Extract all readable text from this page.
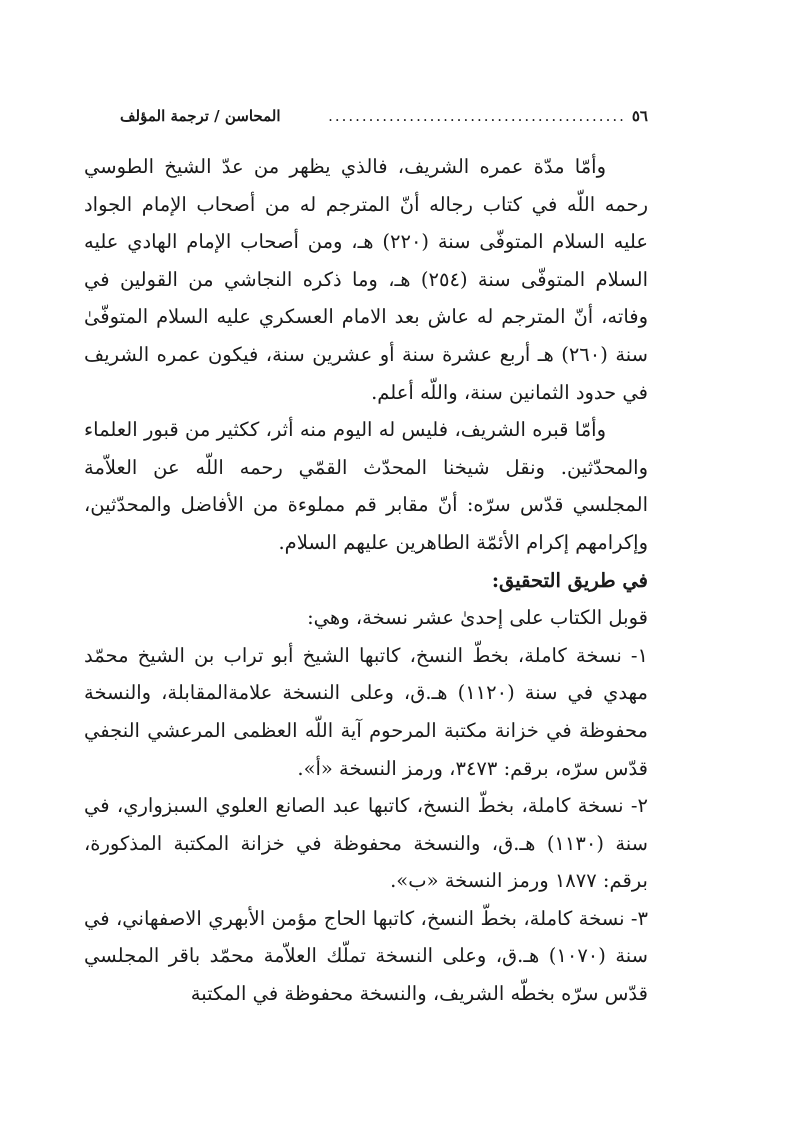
٥٦
............................................
المحاسن / ترجمة المؤلف

وأمّا مدّة عمره الشريف، فالذي يظهر من عدّ الشيخ الطوسي رحمه اللّه في كتاب رجاله أنّ المترجم له من أصحاب الإمام الجواد عليه السلام المتوفّى سنة (٢٢٠) هـ، ومن أصحاب الإمام الهادي عليه السلام المتوفّى سنة (٢٥٤) هـ، وما ذكره النجاشي من القولين في وفاته، أنّ المترجم له عاش بعد الامام العسكري عليه السلام المتوفّىٰ سنة (٢٦٠) هـ أربع عشرة سنة أو عشرين سنة، فيكون عمره الشريف في حدود الثمانين سنة، واللّه أعلم.

وأمّا قبره الشريف، فليس له اليوم منه أثر، ككثير من قبور العلماء والمحدّثين. ونقل شيخنا المحدّث القمّي رحمه اللّه عن العلاّمة المجلسي قدّس سرّه: أنّ مقابر قم مملوءة من الأفاضل والمحدّثين، وإكرامهم إكرام الأئمّة الطاهرين عليهم السلام.

في طريق التحقيق:

قوبل الكتاب على إحدىٰ عشر نسخة، وهي:

١- نسخة كاملة، بخطّ النسخ، كاتبها الشيخ أبو تراب بن الشيخ محمّد مهدي في سنة (١١٢٠) هـ.ق، وعلى النسخة علامةالمقابلة، والنسخة محفوظة في خزانة مكتبة المرحوم آية اللّه العظمى المرعشي النجفي قدّس سرّه، برقم: ٣٤٧٣، ورمز النسخة «أ».

٢- نسخة كاملة، بخطّ النسخ، كاتبها عبد الصانع العلوي السبزواري، في سنة (١١٣٠) هـ.ق، والنسخة محفوظة في خزانة المكتبة المذكورة، برقم: ١٨٧٧ ورمز النسخة «ب».

٣- نسخة كاملة، بخطّ النسخ، كاتبها الحاج مؤمن الأبهري الاصفهاني، في سنة (١٠٧٠) هـ.ق، وعلى النسخة تملّك العلاّمة محمّد باقر المجلسي قدّس سرّه بخطّه الشريف، والنسخة محفوظة في المكتبة
